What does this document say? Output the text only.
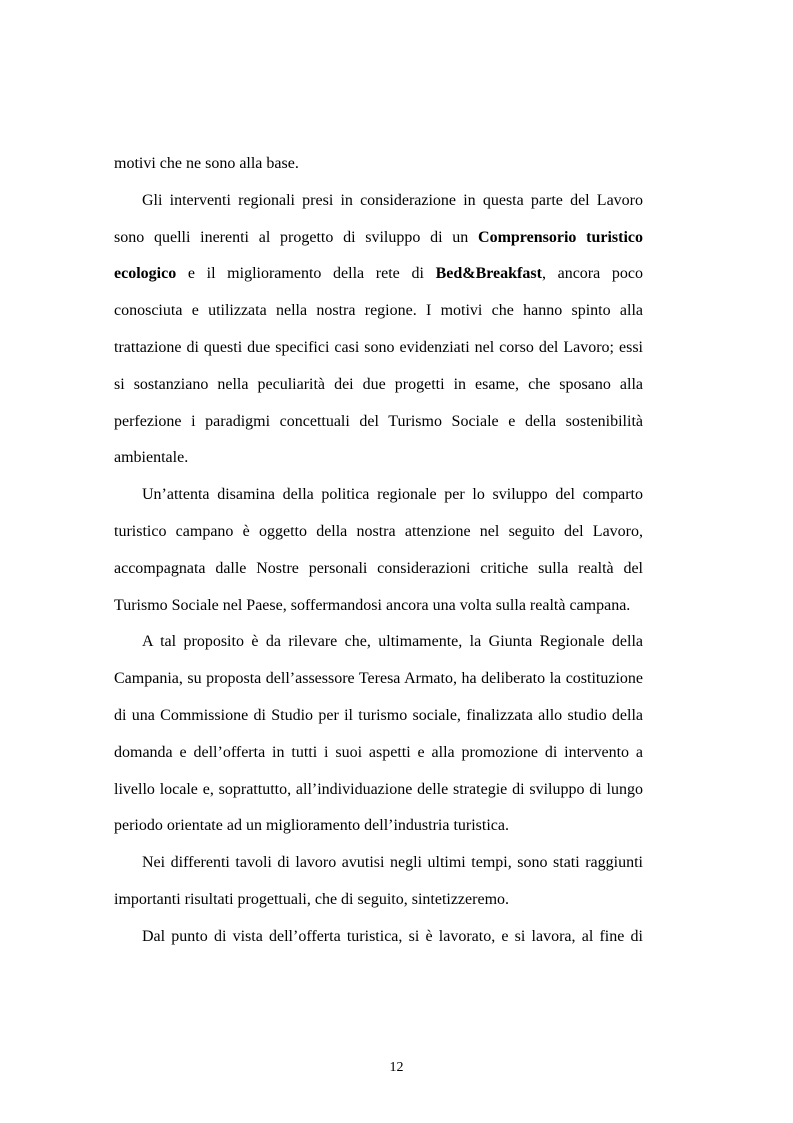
motivi che ne sono alla base.

Gli interventi regionali presi in considerazione in questa parte del Lavoro sono quelli inerenti al progetto di sviluppo di un Comprensorio turistico ecologico e il miglioramento della rete di Bed&Breakfast, ancora poco conosciuta e utilizzata nella nostra regione. I motivi che hanno spinto alla trattazione di questi due specifici casi sono evidenziati nel corso del Lavoro; essi si sostanziano nella peculiarità dei due progetti in esame, che sposano alla perfezione i paradigmi concettuali del Turismo Sociale e della sostenibilità ambientale.

Un’attenta disamina della politica regionale per lo sviluppo del comparto turistico campano è oggetto della nostra attenzione nel seguito del Lavoro, accompagnata dalle Nostre personali considerazioni critiche sulla realtà del Turismo Sociale nel Paese, soffermandosi ancora una volta sulla realtà campana.

A tal proposito è da rilevare che, ultimamente, la Giunta Regionale della Campania, su proposta dell’assessore Teresa Armato, ha deliberato la costituzione di una Commissione di Studio per il turismo sociale, finalizzata allo studio della domanda e dell’offerta in tutti i suoi aspetti e alla promozione di intervento a livello locale e, soprattutto, all’individuazione delle strategie di sviluppo di lungo periodo orientate ad un miglioramento dell’industria turistica.

Nei differenti tavoli di lavoro avutisi negli ultimi tempi, sono stati raggiunti importanti risultati progettuali, che di seguito, sintetizzeremo.

Dal punto di vista dell’offerta turistica, si è lavorato, e si lavora, al fine di

12
